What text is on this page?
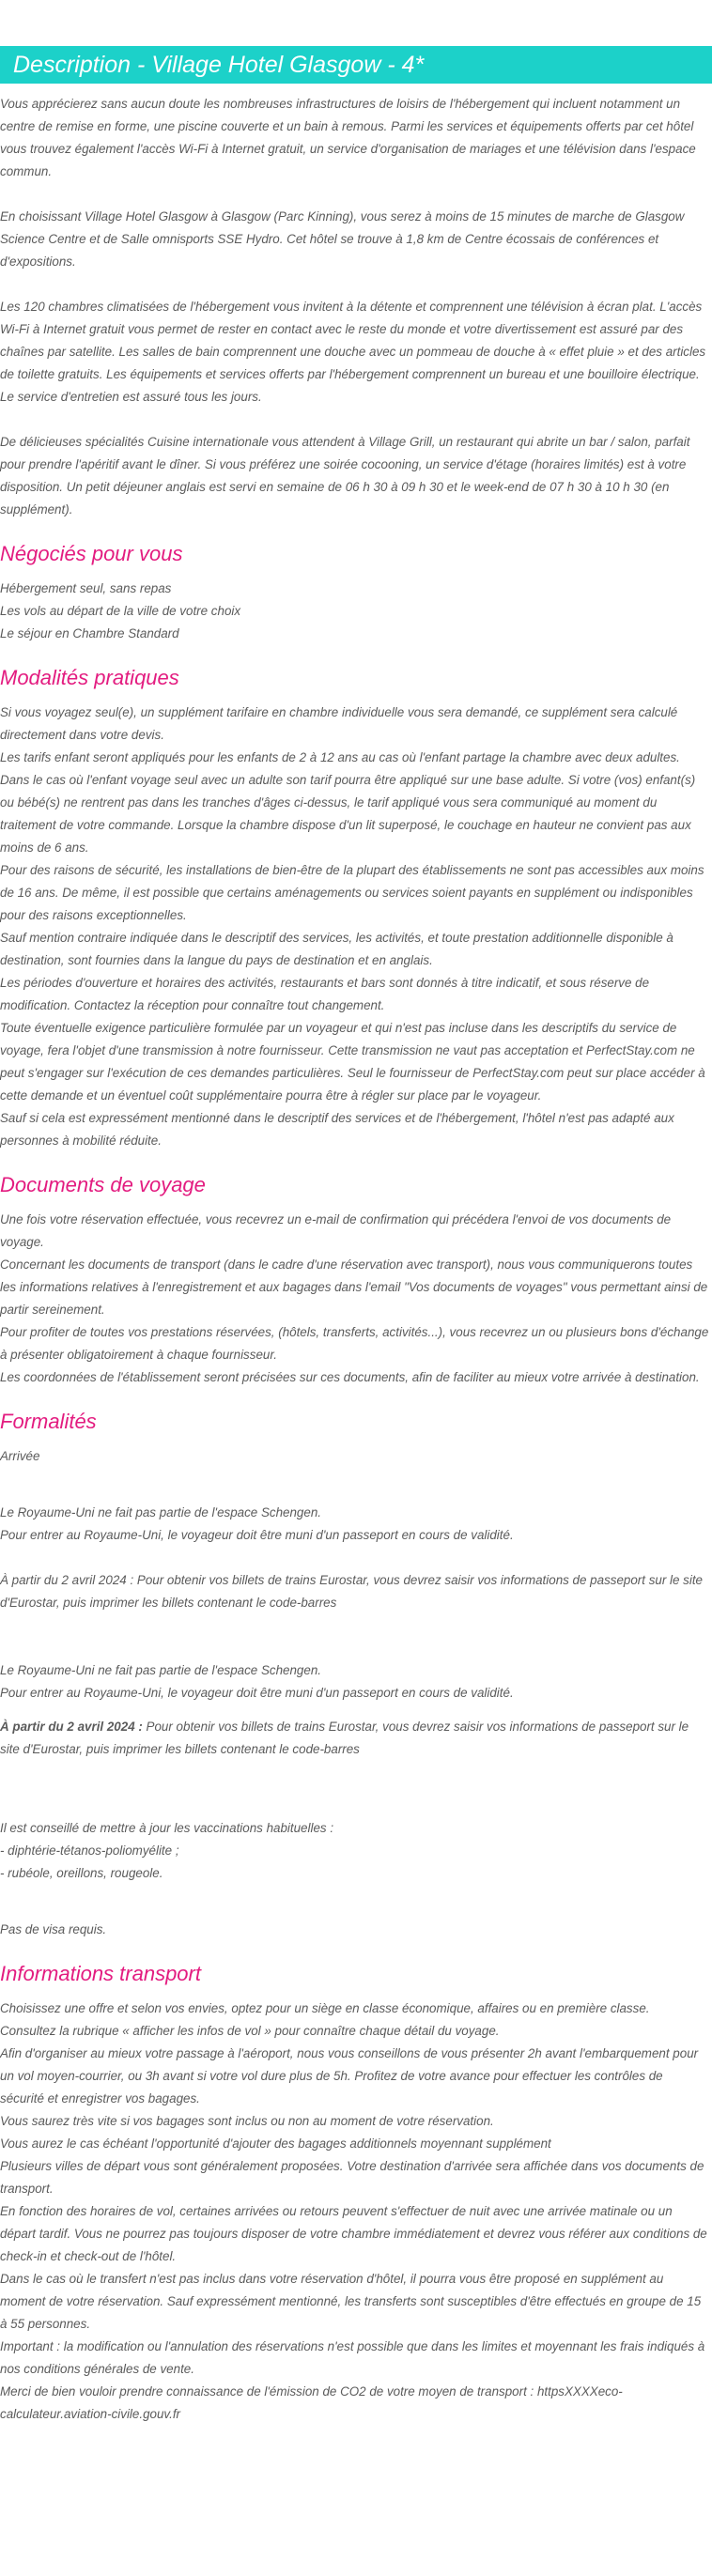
Description - Village Hotel Glasgow - 4*

Vous apprécierez sans aucun doute les nombreuses infrastructures de loisirs de l'hébergement qui incluent notamment un centre de remise en forme, une piscine couverte et un bain à remous. Parmi les services et équipements offerts par cet hôtel vous trouvez également l'accès Wi-Fi à Internet gratuit, un service d'organisation de mariages et une télévision dans l'espace commun.

En choisissant Village Hotel Glasgow à Glasgow (Parc Kinning), vous serez à moins de 15 minutes de marche de Glasgow Science Centre et de Salle omnisports SSE Hydro. Cet hôtel se trouve à 1,8 km de Centre écossais de conférences et d'expositions.

Les 120 chambres climatisées de l'hébergement vous invitent à la détente et comprennent une télévision à écran plat. L'accès Wi-Fi à Internet gratuit vous permet de rester en contact avec le reste du monde et votre divertissement est assuré par des chaînes par satellite. Les salles de bain comprennent une douche avec un pommeau de douche à « effet pluie » et des articles de toilette gratuits. Les équipements et services offerts par l'hébergement comprennent un bureau et une bouilloire électrique. Le service d'entretien est assuré tous les jours.

De délicieuses spécialités Cuisine internationale vous attendent à Village Grill, un restaurant qui abrite un bar / salon, parfait pour prendre l'apéritif avant le dîner. Si vous préférez une soirée cocooning, un service d'étage (horaires limités) est à votre disposition. Un petit déjeuner anglais est servi en semaine de 06 h 30 à 09 h 30 et le week-end de 07 h 30 à 10 h 30 (en supplément).

Négociés pour vous

Hébergement seul, sans repas

Les vols au départ de la ville de votre choix

Le séjour en Chambre Standard

Modalités pratiques

Si vous voyagez seul(e), un supplément tarifaire en chambre individuelle vous sera demandé, ce supplément sera calculé directement dans votre devis.

Les tarifs enfant seront appliqués pour les enfants de 2 à 12 ans au cas où l'enfant partage la chambre avec deux adultes. Dans le cas où l'enfant voyage seul avec un adulte son tarif pourra être appliqué sur une base adulte. Si votre (vos) enfant(s) ou bébé(s) ne rentrent pas dans les tranches d'âges ci-dessus, le tarif appliqué vous sera communiqué au moment du traitement de votre commande. Lorsque la chambre dispose d'un lit superposé, le couchage en hauteur ne convient pas aux moins de 6 ans.

Pour des raisons de sécurité, les installations de bien-être de la plupart des établissements ne sont pas accessibles aux moins de 16 ans. De même, il est possible que certains aménagements ou services soient payants en supplément ou indisponibles pour des raisons exceptionnelles.

Sauf mention contraire indiquée dans le descriptif des services, les activités, et toute prestation additionnelle disponible à destination, sont fournies dans la langue du pays de destination et en anglais.

Les périodes d'ouverture et horaires des activités, restaurants et bars sont donnés à titre indicatif, et sous réserve de modification. Contactez la réception pour connaître tout changement.

Toute éventuelle exigence particulière formulée par un voyageur et qui n'est pas incluse dans les descriptifs du service de voyage, fera l'objet d'une transmission à notre fournisseur. Cette transmission ne vaut pas acceptation et PerfectStay.com ne peut s'engager sur l'exécution de ces demandes particulières. Seul le fournisseur de PerfectStay.com peut sur place accéder à cette demande et un éventuel coût supplémentaire pourra être à régler sur place par le voyageur.

Sauf si cela est expressément mentionné dans le descriptif des services et de l'hébergement, l'hôtel n'est pas adapté aux personnes à mobilité réduite.

Documents de voyage

Une fois votre réservation effectuée, vous recevrez un e-mail de confirmation qui précédera l'envoi de vos documents de voyage.

Concernant les documents de transport (dans le cadre d'une réservation avec transport), nous vous communiquerons toutes les informations relatives à l'enregistrement et aux bagages dans l'email "Vos documents de voyages" vous permettant ainsi de partir sereinement.

Pour profiter de toutes vos prestations réservées, (hôtels, transferts, activités...), vous recevrez un ou plusieurs bons d'échange à présenter obligatoirement à chaque fournisseur.

Les coordonnées de l'établissement seront précisées sur ces documents, afin de faciliter au mieux votre arrivée à destination.

Formalités

Arrivée

Le Royaume-Uni ne fait pas partie de l'espace Schengen.

Pour entrer au Royaume-Uni, le voyageur doit être muni d'un passeport en cours de validité.

À partir du 2 avril 2024 : Pour obtenir vos billets de trains Eurostar, vous devrez saisir vos informations de passeport sur le site d'Eurostar, puis imprimer les billets contenant le code-barres

Le Royaume-Uni ne fait pas partie de l'espace Schengen.

Pour entrer au Royaume-Uni, le voyageur doit être muni d'un passeport en cours de validité.

À partir du 2 avril 2024 : Pour obtenir vos billets de trains Eurostar, vous devrez saisir vos informations de passeport sur le site d'Eurostar, puis imprimer les billets contenant le code-barres

Il est conseillé de mettre à jour les vaccinations habituelles :

- diphtérie-tétanos-poliomyélite ;

- rubéole, oreillons, rougeole.

Pas de visa requis.

Informations transport

Choisissez une offre et selon vos envies, optez pour un siège en classe économique, affaires ou en première classe.

Consultez la rubrique « afficher les infos de vol » pour connaître chaque détail du voyage.

Afin d'organiser au mieux votre passage à l'aéroport, nous vous conseillons de vous présenter 2h avant l'embarquement pour un vol moyen-courrier, ou 3h avant si votre vol dure plus de 5h. Profitez de votre avance pour effectuer les contrôles de sécurité et enregistrer vos bagages.

Vous saurez très vite si vos bagages sont inclus ou non au moment de votre réservation.

Vous aurez le cas échéant l'opportunité d'ajouter des bagages additionnels moyennant supplément

Plusieurs villes de départ vous sont généralement proposées. Votre destination d'arrivée sera affichée dans vos documents de transport.

En fonction des horaires de vol, certaines arrivées ou retours peuvent s'effectuer de nuit avec une arrivée matinale ou un départ tardif. Vous ne pourrez pas toujours disposer de votre chambre immédiatement et devrez vous référer aux conditions de check-in et check-out de l'hôtel.

Dans le cas où le transfert n'est pas inclus dans votre réservation d'hôtel, il pourra vous être proposé en supplément au moment de votre réservation. Sauf expressément mentionné, les transferts sont susceptibles d'être effectués en groupe de 15 à 55 personnes.

Important : la modification ou l'annulation des réservations n'est possible que dans les limites et moyennant les frais indiqués à nos conditions générales de vente.

Merci de bien vouloir prendre connaissance de l'émission de CO2 de votre moyen de transport : httpsXXXXeco-calculateur.aviation-civile.gouv.fr
